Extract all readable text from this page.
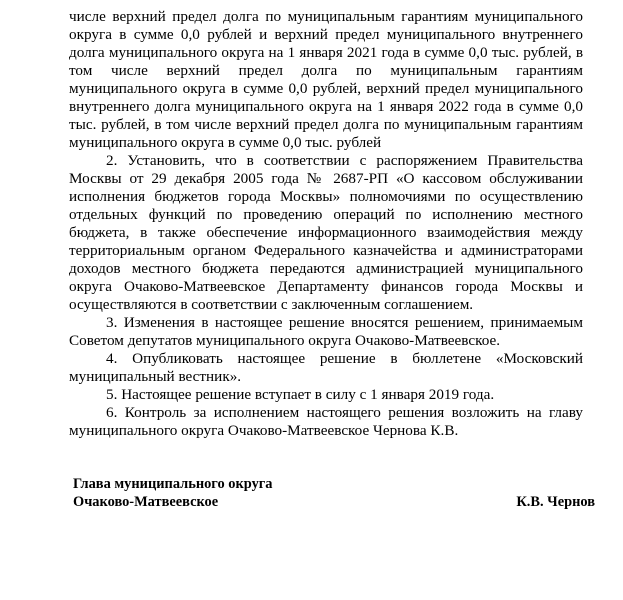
числе верхний предел долга по муниципальным гарантиям муниципального округа в сумме 0,0 рублей и верхний предел муниципального внутреннего долга муниципального округа на 1 января 2021 года в сумме 0,0 тыс. рублей, в том числе верхний предел долга по муниципальным гарантиям муниципального округа в сумме 0,0 рублей, верхний предел муниципального внутреннего долга муниципального округа на 1 января 2022 года в сумме 0,0 тыс. рублей, в том числе верхний предел долга по муниципальным гарантиям муниципального округа в сумме 0,0 тыс. рублей

2. Установить, что в соответствии с распоряжением Правительства Москвы от 29 декабря 2005 года № 2687-РП «О кассовом обслуживании исполнения бюджетов города Москвы» полномочиями по осуществлению отдельных функций по проведению операций по исполнению местного бюджета, в также обеспечение информационного взаимодействия между территориальным органом Федерального казначейства и администраторами доходов местного бюджета передаются администрацией муниципального округа Очаково-Матвеевское Департаменту финансов города Москвы и осуществляются в соответствии с заключенным соглашением.

3. Изменения в настоящее решение вносятся решением, принимаемым Советом депутатов муниципального округа Очаково-Матвеевское.

4. Опубликовать настоящее решение в бюллетене «Московский муниципальный вестник».

5. Настоящее решение вступает в силу с 1 января 2019 года.

6. Контроль за исполнением настоящего решения возложить на главу муниципального округа Очаково-Матвеевское Чернова К.В.

Глава муниципального округа
Очаково-Матвеевское	К.В. Чернов
